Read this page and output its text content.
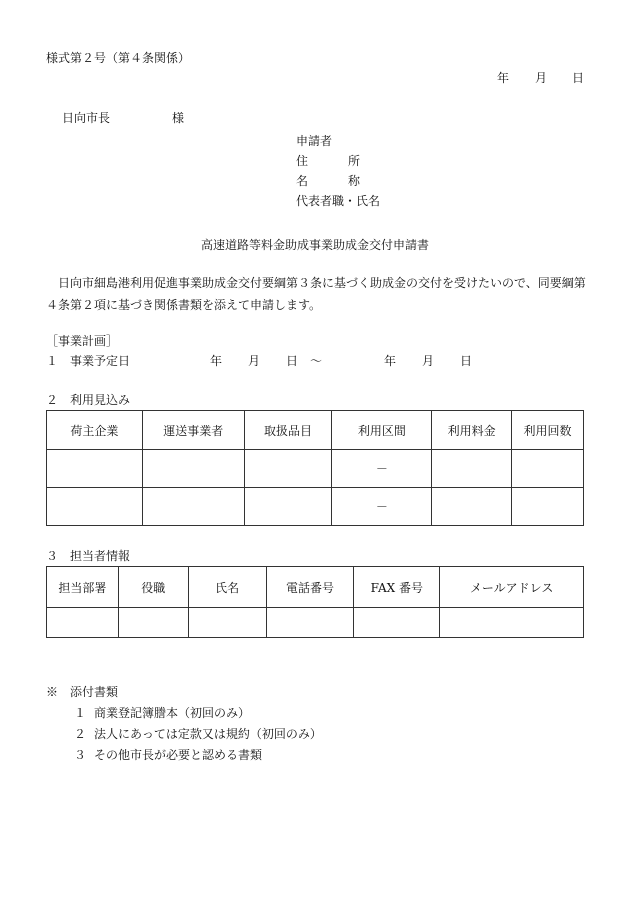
様式第２号（第４条関係）
年 月 日
日向市長	様
申請者
住	所
名	称
代表者職・氏名
高速道路等料金助成事業助成金交付申請書
日向市細島港利用促進事業助成金交付要綱第３条に基づく助成金の交付を受けたいので、同要綱第４条第２項に基づき関係書類を添えて申請します。
［事業計画］
１　事業予定日	年 月 日 ～	年 月 日
２　利用見込み
荷主企業	運送事業者	取扱品目	利用区間	利用料金	利用回数
			－		
			－		
３　担当者情報
担当部署	役職	氏名	電話番号	FAX 番号	メールアドレス

※　添付書類
１ 商業登記簿謄本（初回のみ）
２ 法人にあっては定款又は規約（初回のみ）
３ その他市長が必要と認める書類
